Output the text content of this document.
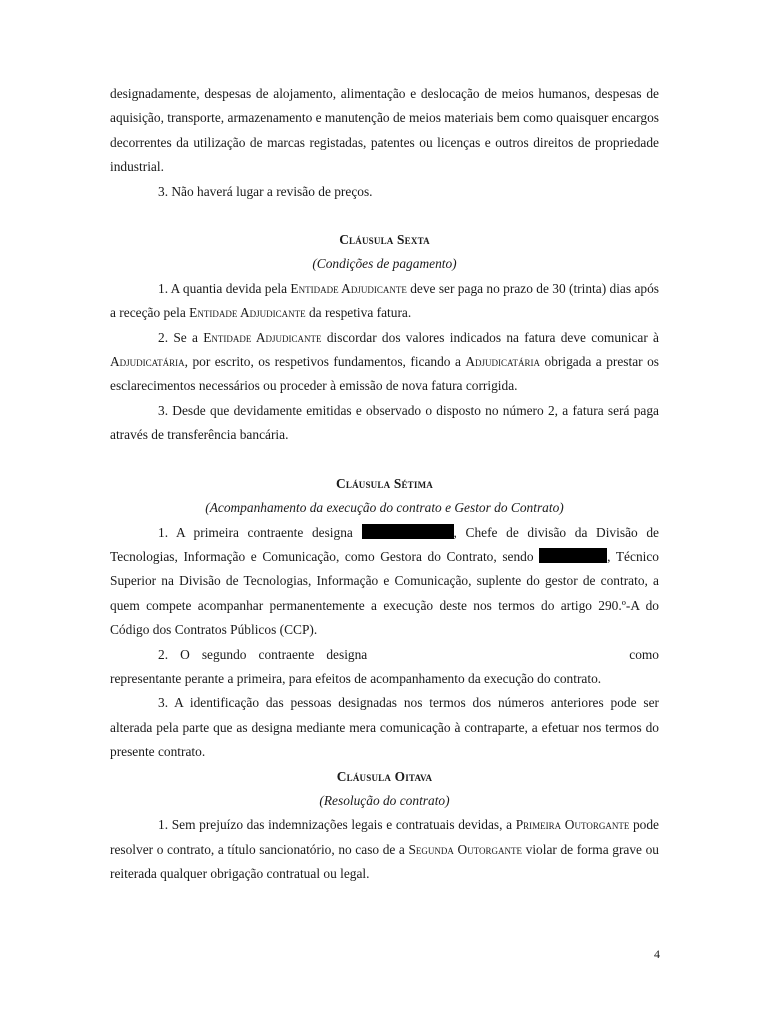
designadamente, despesas de alojamento, alimentação e deslocação de meios humanos, despesas de aquisição, transporte, armazenamento e manutenção de meios materiais bem como quaisquer encargos decorrentes da utilização de marcas registadas, patentes ou licenças e outros direitos de propriedade industrial.

3. Não haverá lugar a revisão de preços.

Cláusula Sexta
(Condições de pagamento)

1. A quantia devida pela Entidade Adjudicante deve ser paga no prazo de 30 (trinta) dias após a receção pela Entidade Adjudicante da respetiva fatura.

2. Se a Entidade Adjudicante discordar dos valores indicados na fatura deve comunicar à Adjudicatária, por escrito, os respetivos fundamentos, ficando a Adjudicatária obrigada a prestar os esclarecimentos necessários ou proceder à emissão de nova fatura corrigida.

3. Desde que devidamente emitidas e observado o disposto no número 2, a fatura será paga através de transferência bancária.

Cláusula Sétima
(Acompanhamento da execução do contrato e Gestor do Contrato)

1. A primeira contraente designa	, Chefe de divisão da Divisão de Tecnologias, Informação e Comunicação, como Gestora do Contrato, sendo	, Técnico Superior na Divisão de Tecnologias, Informação e Comunicação, suplente do gestor de contrato, a quem compete acompanhar permanentemente a execução deste nos termos do artigo 290.º-A do Código dos Contratos Públicos (CCP).

2. O segundo contraente designa	como representante perante a primeira, para efeitos de acompanhamento da execução do contrato.

3. A identificação das pessoas designadas nos termos dos números anteriores pode ser alterada pela parte que as designa mediante mera comunicação à contraparte, a efetuar nos termos do presente contrato.

Cláusula Oitava
(Resolução do contrato)

1. Sem prejuízo das indemnizações legais e contratuais devidas, a Primeira Outorgante pode resolver o contrato, a título sancionatório, no caso de a Segunda Outorgante violar de forma grave ou reiterada qualquer obrigação contratual ou legal.

4
